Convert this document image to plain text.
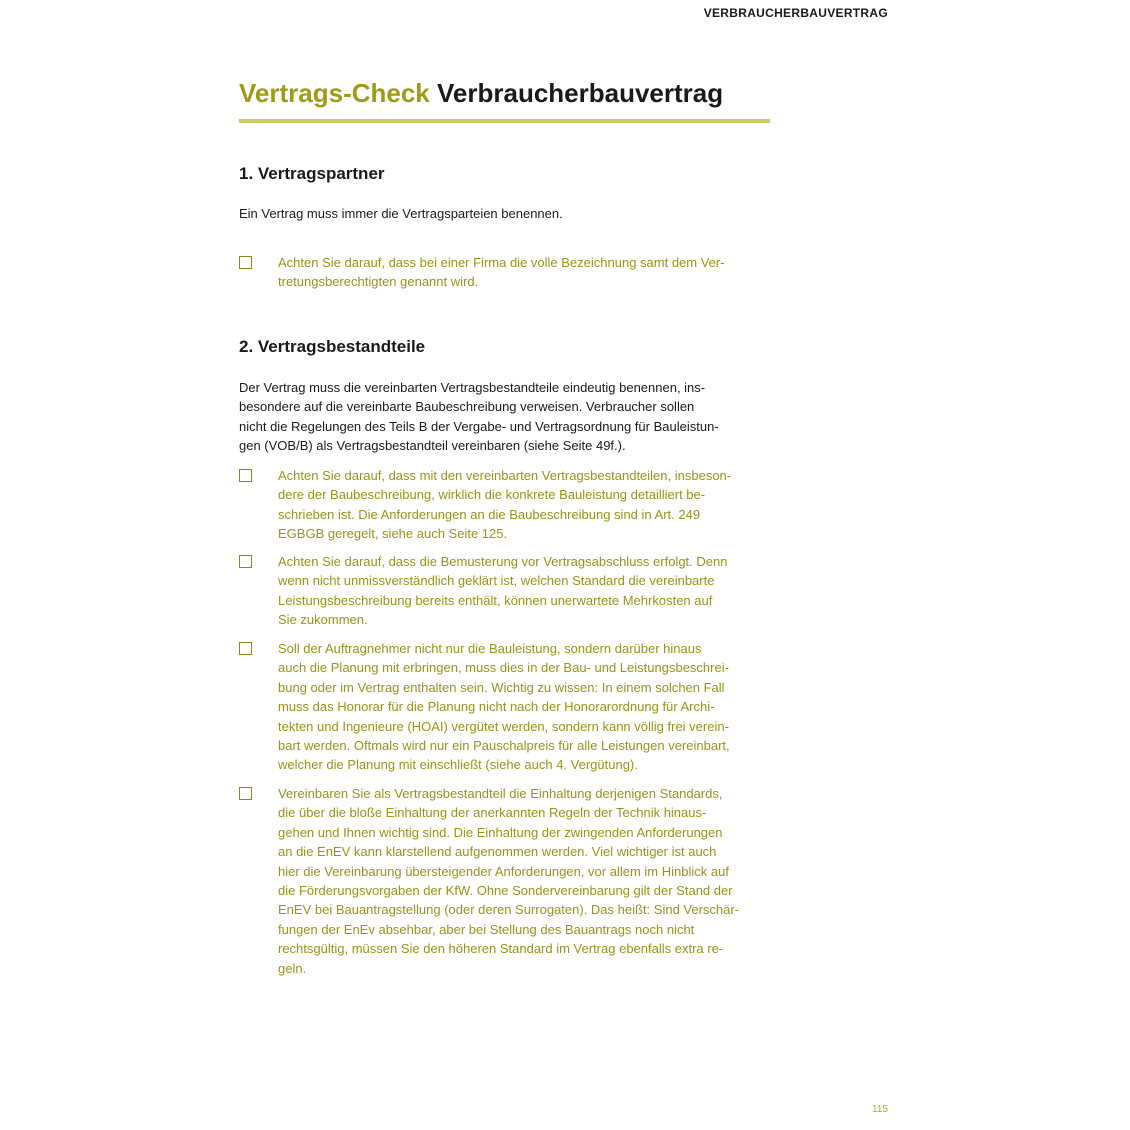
VERBRAUCHERBAUVERTRAG
Vertrags-Check Verbraucherbauvertrag
1. Vertragspartner

Ein Vertrag muss immer die Vertragsparteien benennen.

Achten Sie darauf, dass bei einer Firma die volle Bezeichnung samt dem Ver-
tretungsberechtigten genannt wird.

2. Vertragsbestandteile

Der Vertrag muss die vereinbarten Vertragsbestandteile eindeutig benennen, ins-
besondere auf die vereinbarte Baubeschreibung verweisen. Verbraucher sollen
nicht die Regelungen des Teils B der Vergabe- und Vertragsordnung für Bauleistun-
gen (VOB/B) als Vertragsbestandteil vereinbaren (siehe Seite 49f.).

Achten Sie darauf, dass mit den vereinbarten Vertragsbestandteilen, insbeson-
dere der Baubeschreibung, wirklich die konkrete Bauleistung detailliert be-
schrieben ist. Die Anforderungen an die Baubeschreibung sind in Art. 249
EGBGB geregelt, siehe auch Seite 125.

Achten Sie darauf, dass die Bemusterung vor Vertragsabschluss erfolgt. Denn
wenn nicht unmissverständlich geklärt ist, welchen Standard die vereinbarte
Leistungsbeschreibung bereits enthält, können unerwartete Mehrkosten auf
Sie zukommen.

Soll der Auftragnehmer nicht nur die Bauleistung, sondern darüber hinaus
auch die Planung mit erbringen, muss dies in der Bau- und Leistungsbeschrei-
bung oder im Vertrag enthalten sein. Wichtig zu wissen: In einem solchen Fall
muss das Honorar für die Planung nicht nach der Honorarordnung für Archi-
tekten und Ingenieure (HOAI) vergütet werden, sondern kann völlig frei verein-
bart werden. Oftmals wird nur ein Pauschalpreis für alle Leistungen vereinbart,
welcher die Planung mit einschließt (siehe auch 4. Vergütung).

Vereinbaren Sie als Vertragsbestandteil die Einhaltung derjenigen Standards,
die über die bloße Einhaltung der anerkannten Regeln der Technik hinaus-
gehen und Ihnen wichtig sind. Die Einhaltung der zwingenden Anforderungen
an die EnEV kann klarstellend aufgenommen werden. Viel wichtiger ist auch
hier die Vereinbarung übersteigender Anforderungen, vor allem im Hinblick auf
die Förderungsvorgaben der KfW. Ohne Sondervereinbarung gilt der Stand der
EnEV bei Bauantragstellung (oder deren Surrogaten). Das heißt: Sind Verschär-
fungen der EnEv absehbar, aber bei Stellung des Bauantrags noch nicht
rechtsgültig, müssen Sie den höheren Standard im Vertrag ebenfalls extra re-
geln.

115
